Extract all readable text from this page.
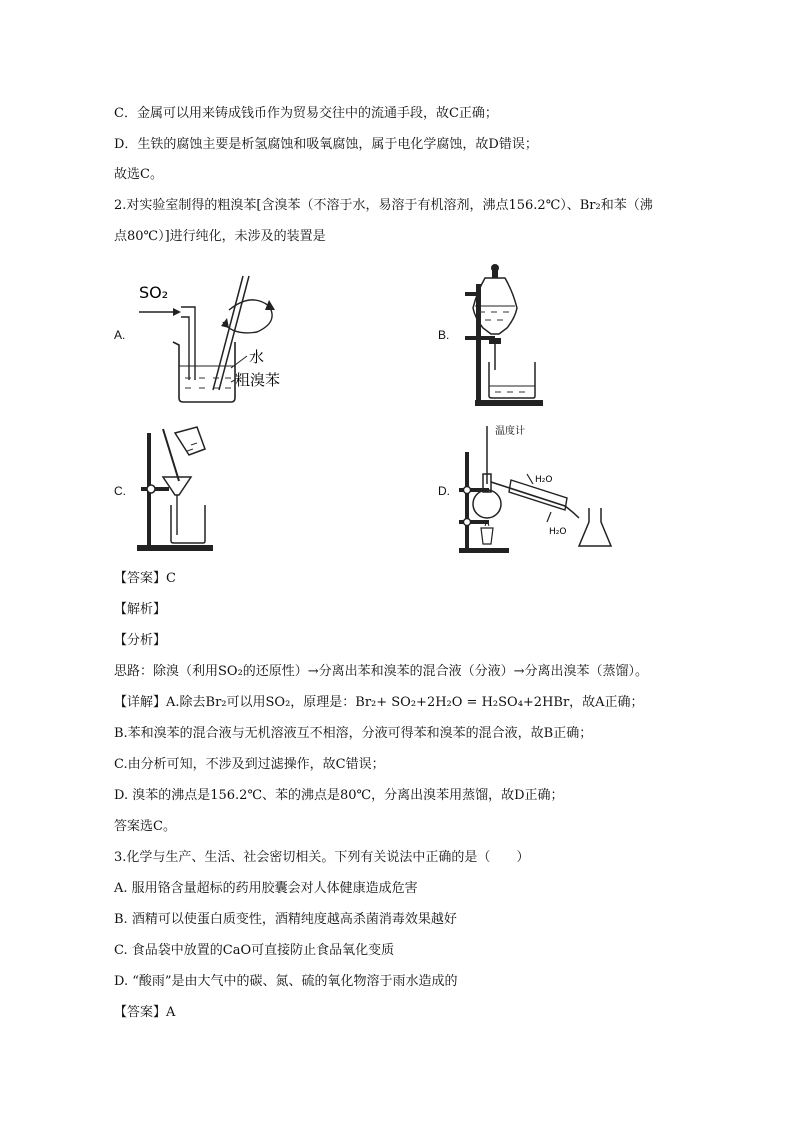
C．金属可以用来铸成钱币作为贸易交往中的流通手段，故C正确；
D．生铁的腐蚀主要是析氢腐蚀和吸氧腐蚀，属于电化学腐蚀，故D错误；
故选C。
2.对实验室制得的粗溴苯[含溴苯（不溶于水，易溶于有机溶剂，沸点156.2℃）、Br₂和苯（沸
点80℃）]进行纯化，未涉及的装置是
A.
SO₂
水
粗溴苯
B.
C.	D.
温度计
H₂O
H₂O
【答案】C
【解析】
【分析】
思路：除溴（利用SO₂的还原性）→分离出苯和溴苯的混合液（分液）→分离出溴苯（蒸馏）。
【详解】A.除去Br₂可以用SO₂，原理是：Br₂+ SO₂+2H₂O = H₂SO₄+2HBr，故A正确；
B.苯和溴苯的混合液与无机溶液互不相溶，分液可得苯和溴苯的混合液，故B正确；
C.由分析可知，不涉及到过滤操作，故C错误；
D. 溴苯的沸点是156.2℃、苯的沸点是80℃，分离出溴苯用蒸馏，故D正确；
答案选C。
3.化学与生产、生活、社会密切相关。下列有关说法中正确的是（　　）
A. 服用铬含量超标的药用胶囊会对人体健康造成危害
B. 酒精可以使蛋白质变性，酒精纯度越高杀菌消毒效果越好
C. 食品袋中放置的CaO可直接防止食品氧化变质
D. “酸雨”是由大气中的碳、氮、硫的氧化物溶于雨水造成的
【答案】A
